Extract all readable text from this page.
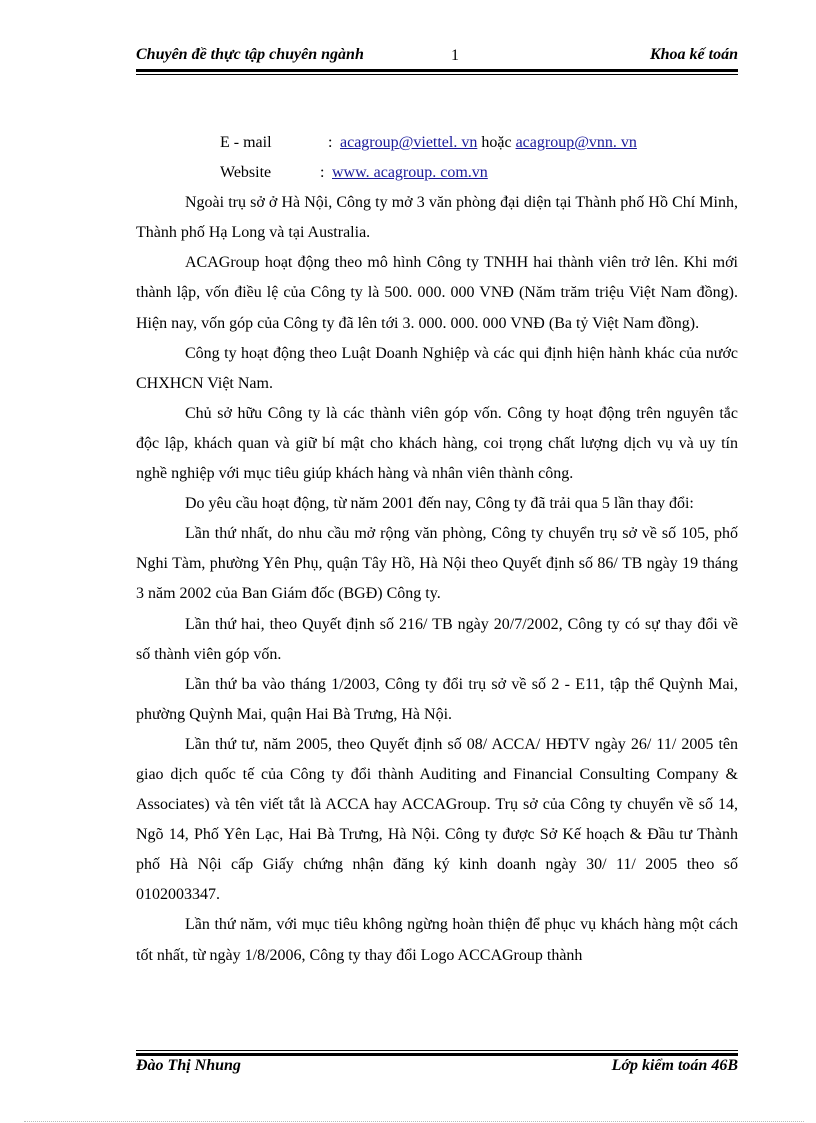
Chuyên đề thực tập chuyên ngành	1	Khoa kế toán
E - mail	: acagroup@viettel. vn hoặc acagroup@vnn. vn
Website	: www. acagroup. com.vn

Ngoài trụ sở ở Hà Nội, Công ty mở 3 văn phòng đại diện tại Thành phố Hồ Chí Minh, Thành phố Hạ Long và tại Australia.

ACAGroup hoạt động theo mô hình Công ty TNHH hai thành viên trở lên. Khi mới thành lập, vốn điều lệ của Công ty là 500. 000. 000 VNĐ (Năm trăm triệu Việt Nam đồng). Hiện nay, vốn góp của Công ty đã lên tới 3. 000. 000. 000 VNĐ (Ba tỷ Việt Nam đồng).

Công ty hoạt động theo Luật Doanh Nghiệp và các qui định hiện hành khác của nước CHXHCN Việt Nam.

Chủ sở hữu Công ty là các thành viên góp vốn. Công ty hoạt động trên nguyên tắc độc lập, khách quan và giữ bí mật cho khách hàng, coi trọng chất lượng dịch vụ và uy tín nghề nghiệp với mục tiêu giúp khách hàng và nhân viên thành công.

Do yêu cầu hoạt động, từ năm 2001 đến nay, Công ty đã trải qua 5 lần thay đổi:

Lần thứ nhất, do nhu cầu mở rộng văn phòng, Công ty chuyển trụ sở về số 105, phố Nghi Tàm, phường Yên Phụ, quận Tây Hồ, Hà Nội theo Quyết định số 86/ TB ngày 19 tháng 3 năm 2002 của Ban Giám đốc (BGĐ) Công ty.

Lần thứ hai, theo Quyết định số 216/ TB ngày 20/7/2002, Công ty có sự thay đổi về số thành viên góp vốn.

Lần thứ ba vào tháng 1/2003, Công ty đổi trụ sở về số 2 - E11, tập thể Quỳnh Mai, phường Quỳnh Mai, quận Hai Bà Trưng, Hà Nội.

Lần thứ tư, năm 2005, theo Quyết định số 08/ ACCA/ HĐTV ngày 26/ 11/ 2005 tên giao dịch quốc tế của Công ty đổi thành Auditing and Financial Consulting Company & Associates) và tên viết tắt là ACCA hay ACCAGroup. Trụ sở của Công ty chuyển về số 14, Ngõ 14, Phố Yên Lạc, Hai Bà Trưng, Hà Nội. Công ty được Sở Kế hoạch & Đầu tư Thành phố Hà Nội cấp Giấy chứng nhận đăng ký kinh doanh ngày 30/ 11/ 2005 theo số 0102003347.

Lần thứ năm, với mục tiêu không ngừng hoàn thiện để phục vụ khách hàng một cách tốt nhất, từ ngày 1/8/2006, Công ty thay đổi Logo ACCAGroup thành

Đào Thị Nhung	Lớp kiểm toán 46B
